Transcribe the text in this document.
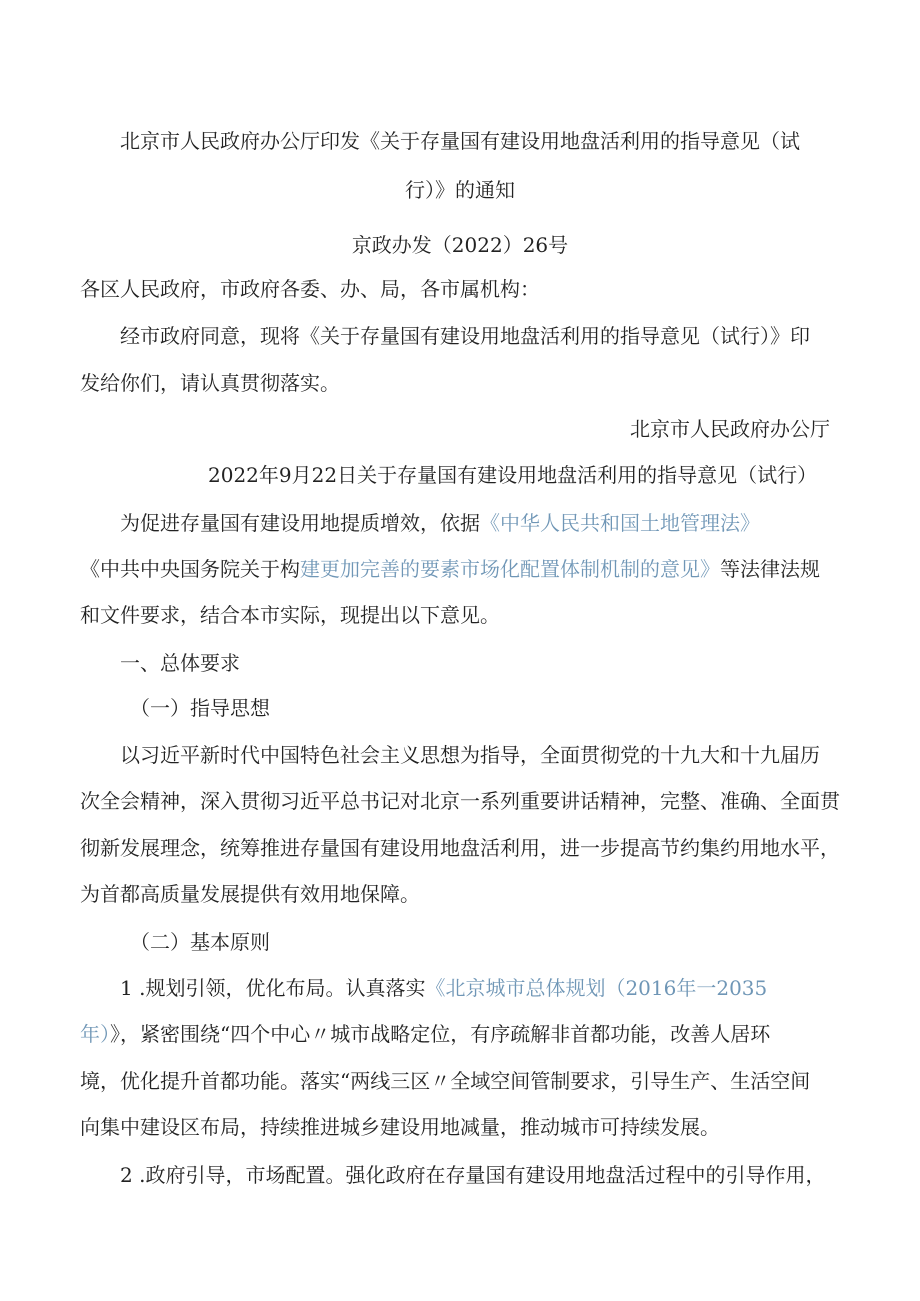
北京市人民政府办公厅印发《关于存量国有建设用地盘活利用的指导意见（试
行）》的通知
京政办发（2022）26号
各区人民政府，市政府各委、办、局，各市属机构：
经市政府同意，现将《关于存量国有建设用地盘活利用的指导意见（试行）》印
发给你们，请认真贯彻落实。
北京市人民政府办公厅
2022年9月22日关于存量国有建设用地盘活利用的指导意见（试行）
为促进存量国有建设用地提质增效，依据《中华人民共和国土地管理法》
《中共中央国务院关于构建更加完善的要素市场化配置体制机制的意见》等法律法规
和文件要求，结合本市实际，现提出以下意见。
一、总体要求
（一）指导思想
以习近平新时代中国特色社会主义思想为指导，全面贯彻党的十九大和十九届历
次全会精神，深入贯彻习近平总书记对北京一系列重要讲话精神，完整、准确、全面贯
彻新发展理念，统筹推进存量国有建设用地盘活利用，进一步提高节约集约用地水平，
为首都高质量发展提供有效用地保障。
（二）基本原则
1 .规划引领，优化布局。认真落实《北京城市总体规划（2016年一2035
年）》，紧密围绕“四个中心〃城市战略定位，有序疏解非首都功能，改善人居环
境，优化提升首都功能。落实“两线三区〃全域空间管制要求，引导生产、生活空间
向集中建设区布局，持续推进城乡建设用地减量，推动城市可持续发展。
2 .政府引导，市场配置。强化政府在存量国有建设用地盘活过程中的引导作用，
